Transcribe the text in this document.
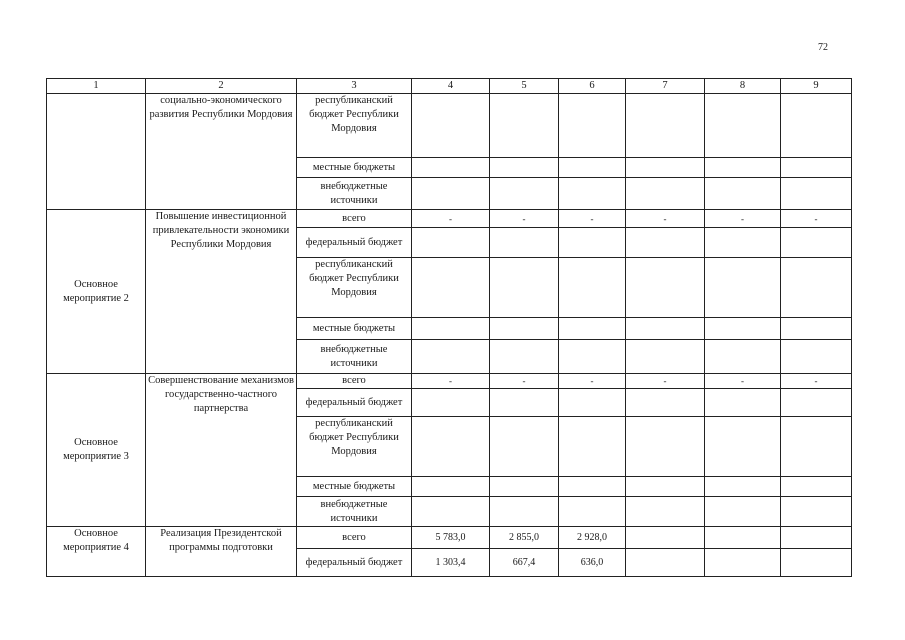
72
1	2	3	4	5	6	7	8	9
	социально-экономического развития Республики Мордовия	республиканский бюджет Республики Мордовия						
		местные бюджеты						
		внебюджетные источники						
Основное мероприятие 2	Повышение инвестиционной привлекательности экономики Республики Мордовия	всего	-	-	-	-	-	-
		федеральный бюджет						
		республиканский бюджет Республики Мордовия						
		местные бюджеты						
		внебюджетные источники						
Основное мероприятие 3	Совершенствование механизмов государственно-частного партнерства	всего	-	-	-	-	-	-
		федеральный бюджет						
		республиканский бюджет Республики Мордовия						
		местные бюджеты						
		внебюджетные источники						
Основное мероприятие 4	Реализация Президентской программы подготовки	всего	5 783,0	2 855,0	2 928,0			
		федеральный бюджет	1 303,4	667,4	636,0			
